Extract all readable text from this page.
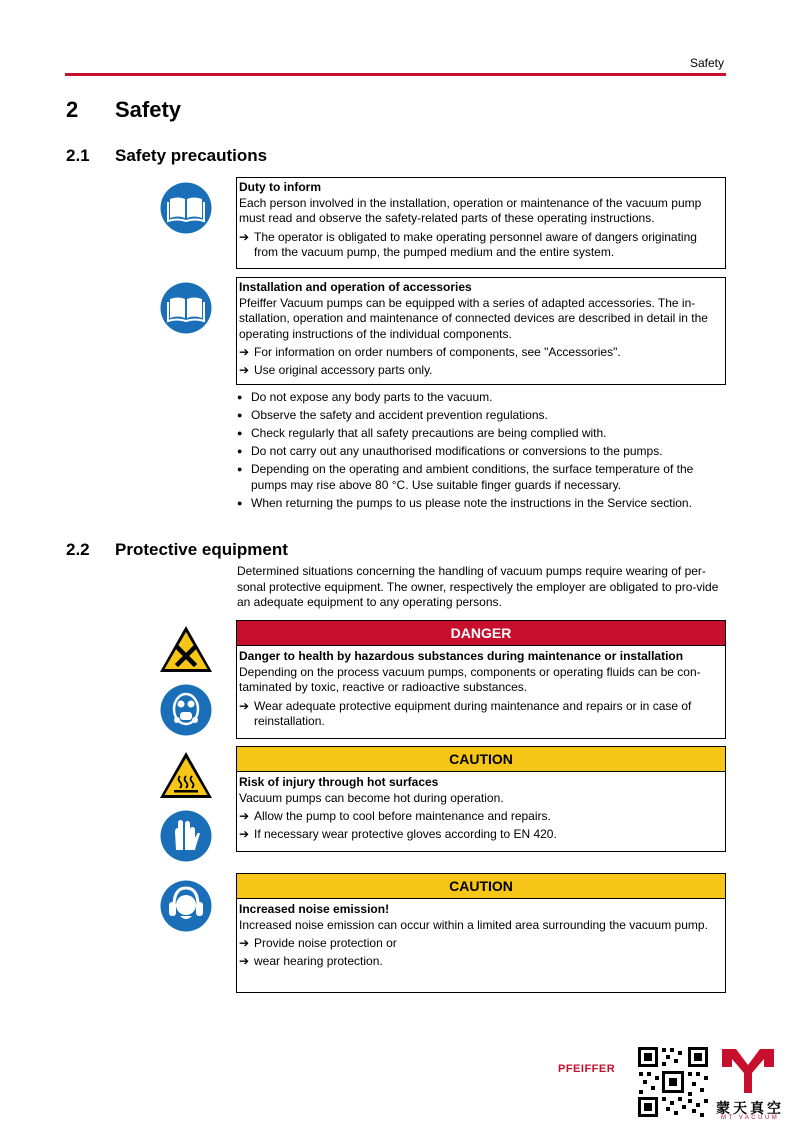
Safety
2 Safety
2.1 Safety precautions
Duty to inform
Each person involved in the installation, operation or maintenance of the vacuum pump must read and observe the safety-related parts of these operating instructions.
➔ The operator is obligated to make operating personnel aware of dangers originating from the vacuum pump, the pumped medium and the entire system.
Installation and operation of accessories
Pfeiffer Vacuum pumps can be equipped with a series of adapted accessories. The in-stallation, operation and maintenance of connected devices are described in detail in the operating instructions of the individual components.
➔ For information on order numbers of components, see "Accessories".
➔ Use original accessory parts only.
● Do not expose any body parts to the vacuum.
● Observe the safety and accident prevention regulations.
● Check regularly that all safety precautions are being complied with.
● Do not carry out any unauthorised modifications or conversions to the pumps.
● Depending on the operating and ambient conditions, the surface temperature of the pumps may rise above 80 °C. Use suitable finger guards if necessary.
● When returning the pumps to us please note the instructions in the Service section.
2.2 Protective equipment
Determined situations concerning the handling of vacuum pumps require wearing of per-sonal protective equipment. The owner, respectively the employer are obligated to pro-vide an adequate equipment to any operating persons.
DANGER
Danger to health by hazardous substances during maintenance or installation
Depending on the process vacuum pumps, components or operating fluids can be con-taminated by toxic, reactive or radioactive substances.
➔ Wear adequate protective equipment during maintenance and repairs or in case of reinstallation.
CAUTION
Risk of injury through hot surfaces
Vacuum pumps can become hot during operation.
➔ Allow the pump to cool before maintenance and repairs.
➔ If necessary wear protective gloves according to EN 420.
CAUTION
Increased noise emission!
Increased noise emission can occur within a limited area surrounding the vacuum pump.
➔ Provide noise protection or
➔ wear hearing protection.
PFEIFFER
蒙天真空
MT VACUUM
